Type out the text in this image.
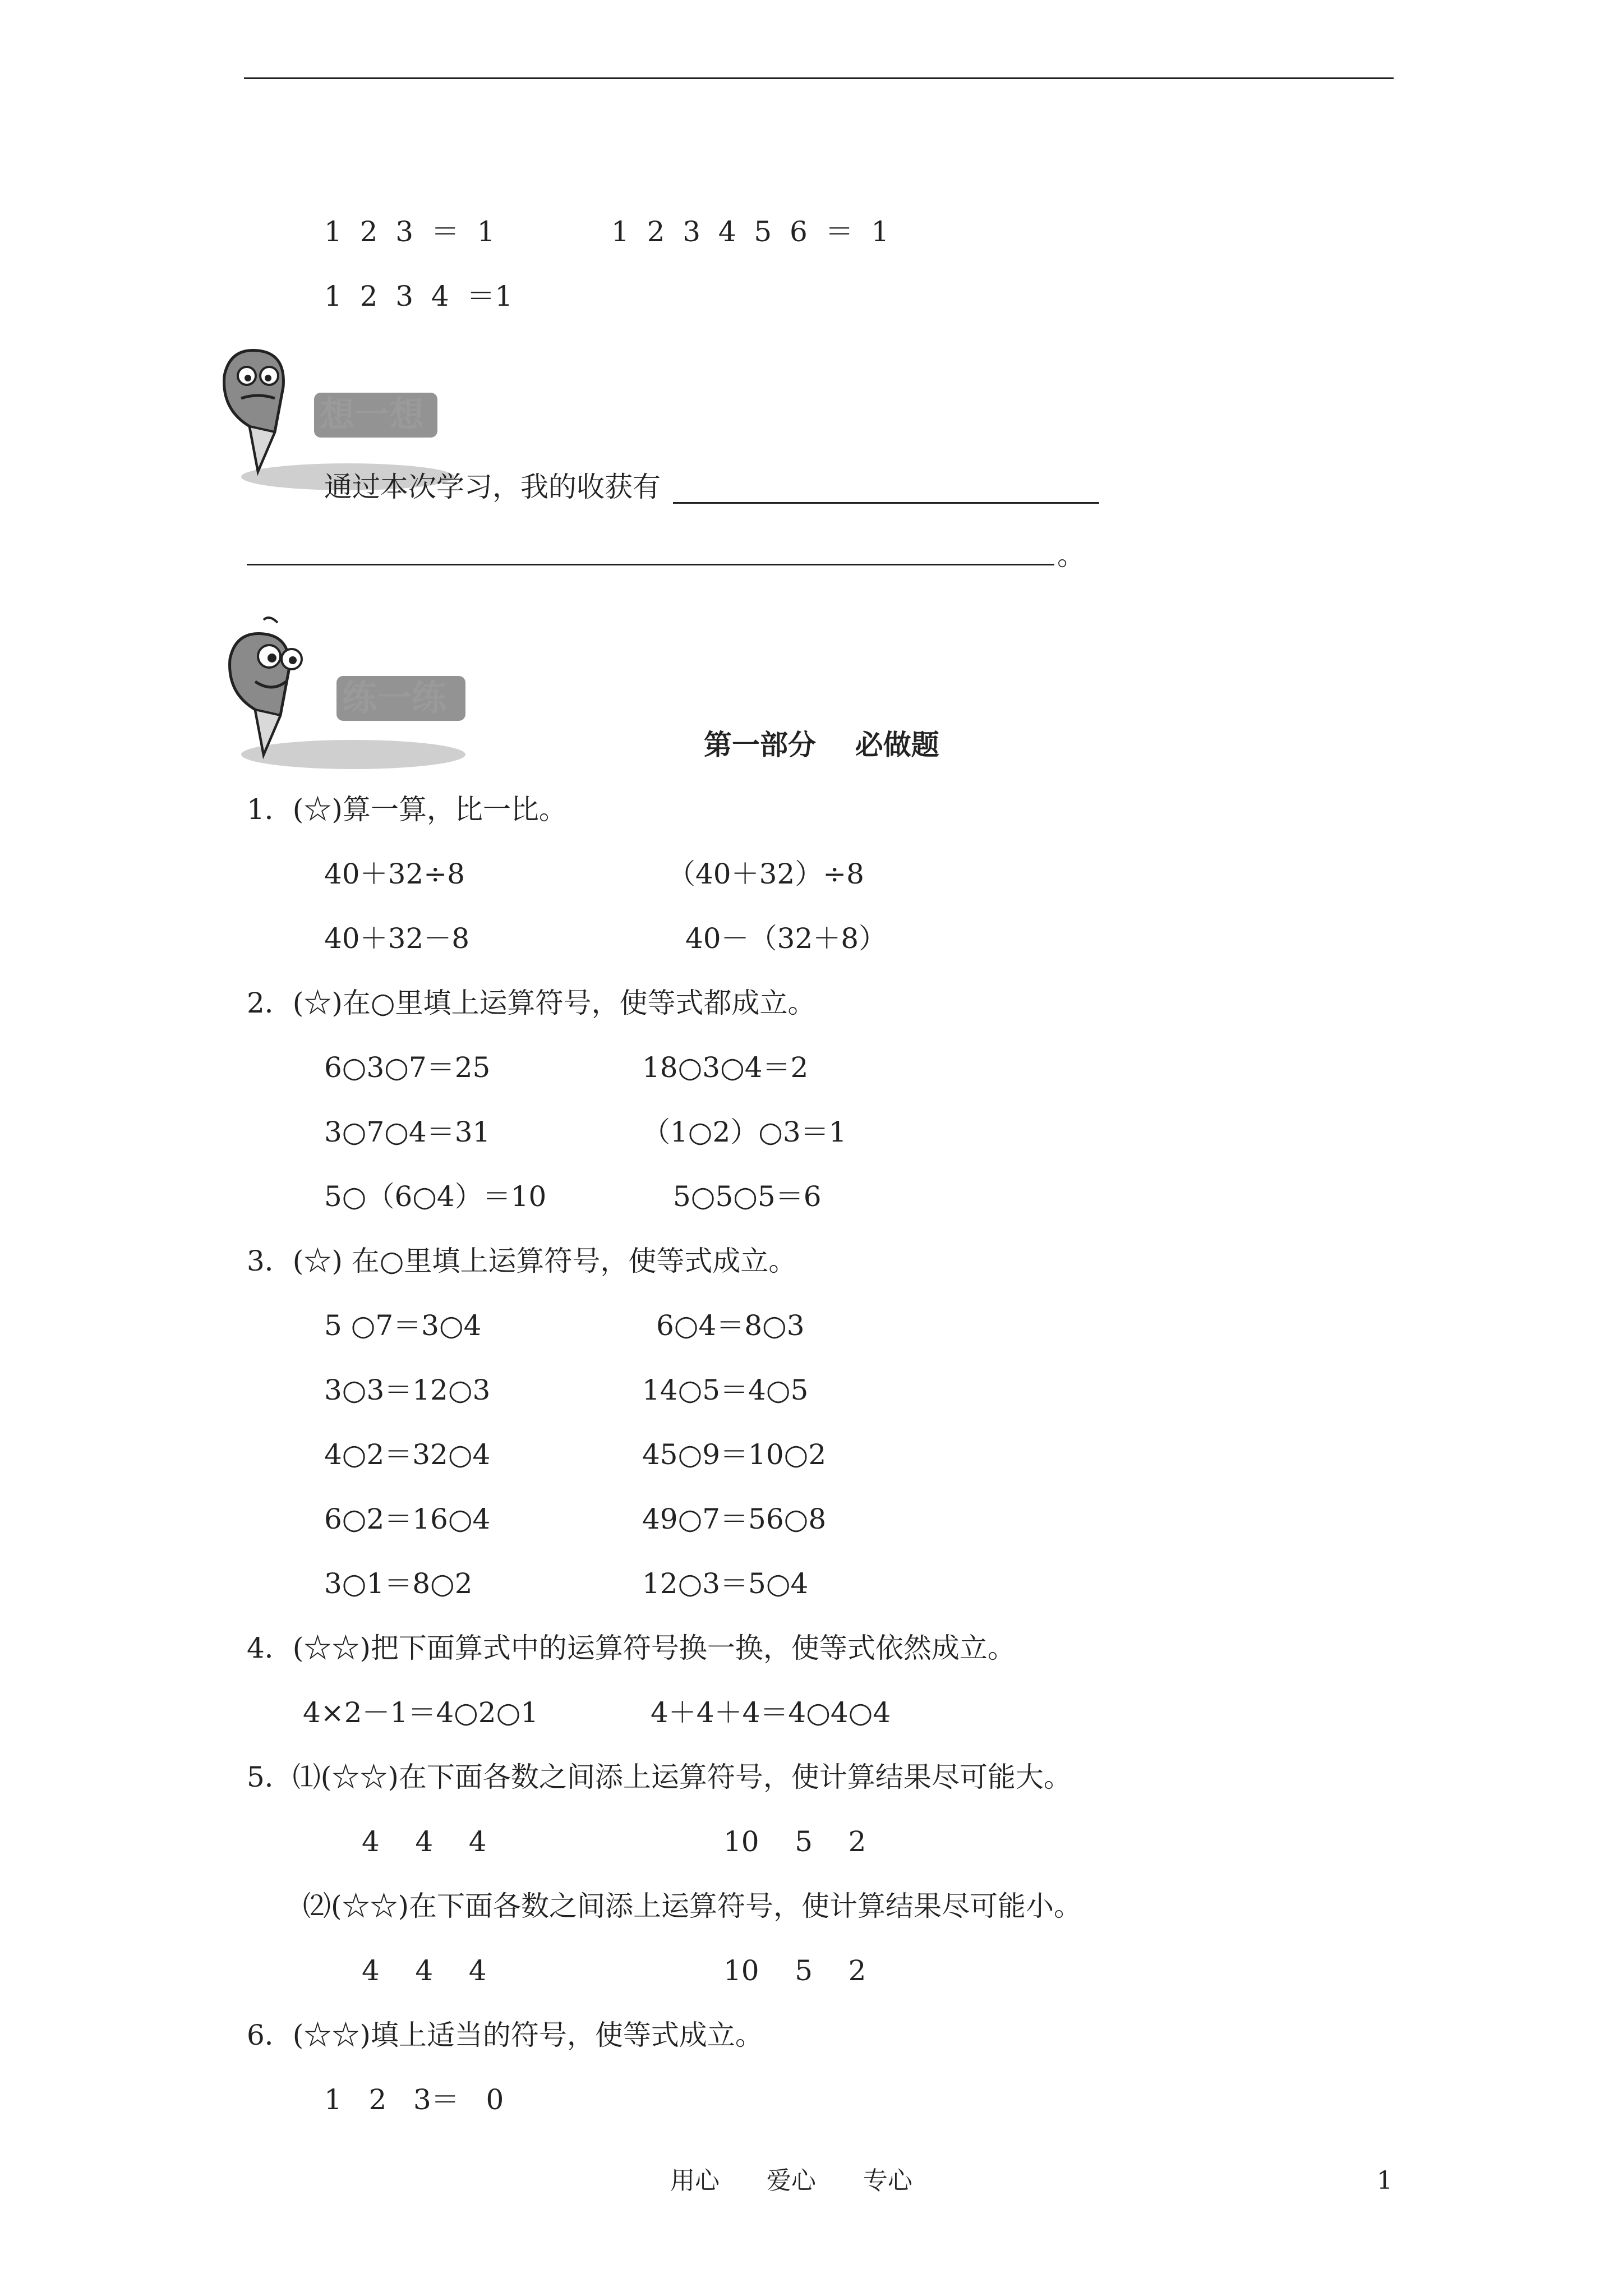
1  2  3  ＝  1	1  2  3  4  5  6  ＝  1
1  2  3  4  ＝1
想一想
通过本次学习，我的收获有
。
练一练
第一部分    必做题
1．(☆)算一算，比一比。
40＋32÷8	（40＋32）÷8
40＋32－8	40－（32＋8）
2．(☆)在○里填上运算符号，使等式都成立。
6○3○7＝25	18○3○4＝2
3○7○4＝31	（1○2）○3＝1
5○（6○4）＝10	5○5○5＝6
3．(☆) 在○里填上运算符号，使等式成立。
5 ○7＝3○4	6○4＝8○3
3○3＝12○3	14○5＝4○5
4○2＝32○4	45○9＝10○2
6○2＝16○4	49○7＝56○8
3○1＝8○2	12○3＝5○4
4．(☆☆)把下面算式中的运算符号换一换，使等式依然成立。
4×2－1＝4○2○1	4＋4＋4＝4○4○4
5．⑴(☆☆)在下面各数之间添上运算符号，使计算结果尽可能大。
4    4    4	10    5    2
⑵(☆☆)在下面各数之间添上运算符号，使计算结果尽可能小。
4    4    4	10    5    2
6．(☆☆)填上适当的符号，使等式成立。
1   2   3＝   0
用心      爱心      专心	1
